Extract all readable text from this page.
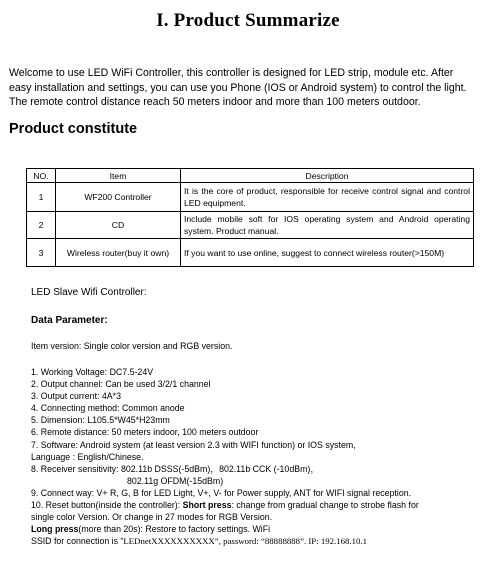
I. Product Summarize
Welcome to use LED WiFi Controller, this controller is designed for LED strip, module etc. After
easy installation and settings, you can use you Phone (IOS or Android system) to control the light.
The remote control distance reach 50 meters indoor and more than 100 meters outdoor.
Product constitute
NO.	Item	Description
1	WF200 Controller	It is the core of product, responsible for receive control signal and control LED equipment.
2	CD	Include mobile soft for IOS operating system and Android operating system. Product manual.
3	Wireless router(buy it own)	If you want to use online, suggest to connect wireless router(>150M)
LED Slave Wifi Controller:
Data Parameter:
Item version: Single color version and RGB version.
1. Working Voltage: DC7.5-24V
2. Output channel: Can be used 3/2/1 channel
3. Output current: 4A*3
4. Connecting method: Common anode
5. Dimension: L105.5*W45*H23mm
6. Remote distance: 50 meters indoor, 100 meters outdoor
7. Software: Android system (at least version 2.3 with WIFI function) or IOS system,
Language : English/Chinese.
8. Receiver sensitivity: 802.11b DSSS(-5dBm)，802.11b CCK (-10dBm)，
802.11g OFDM(-15dBm)
9. Connect way: V+ R, G, B for LED Light, V+, V- for Power supply, ANT for WIFI signal reception.
10. Reset button(inside the controller): Short press: change from gradual change to strobe flash for
single color Version. Or change in 27 modes for RGB Version.
Long press(more than 20s): Restore to factory settings. WiFi
SSID for connection is “LEDnetXXXXXXXXXX”, password: “88888888”. IP: 192.168.10.1
